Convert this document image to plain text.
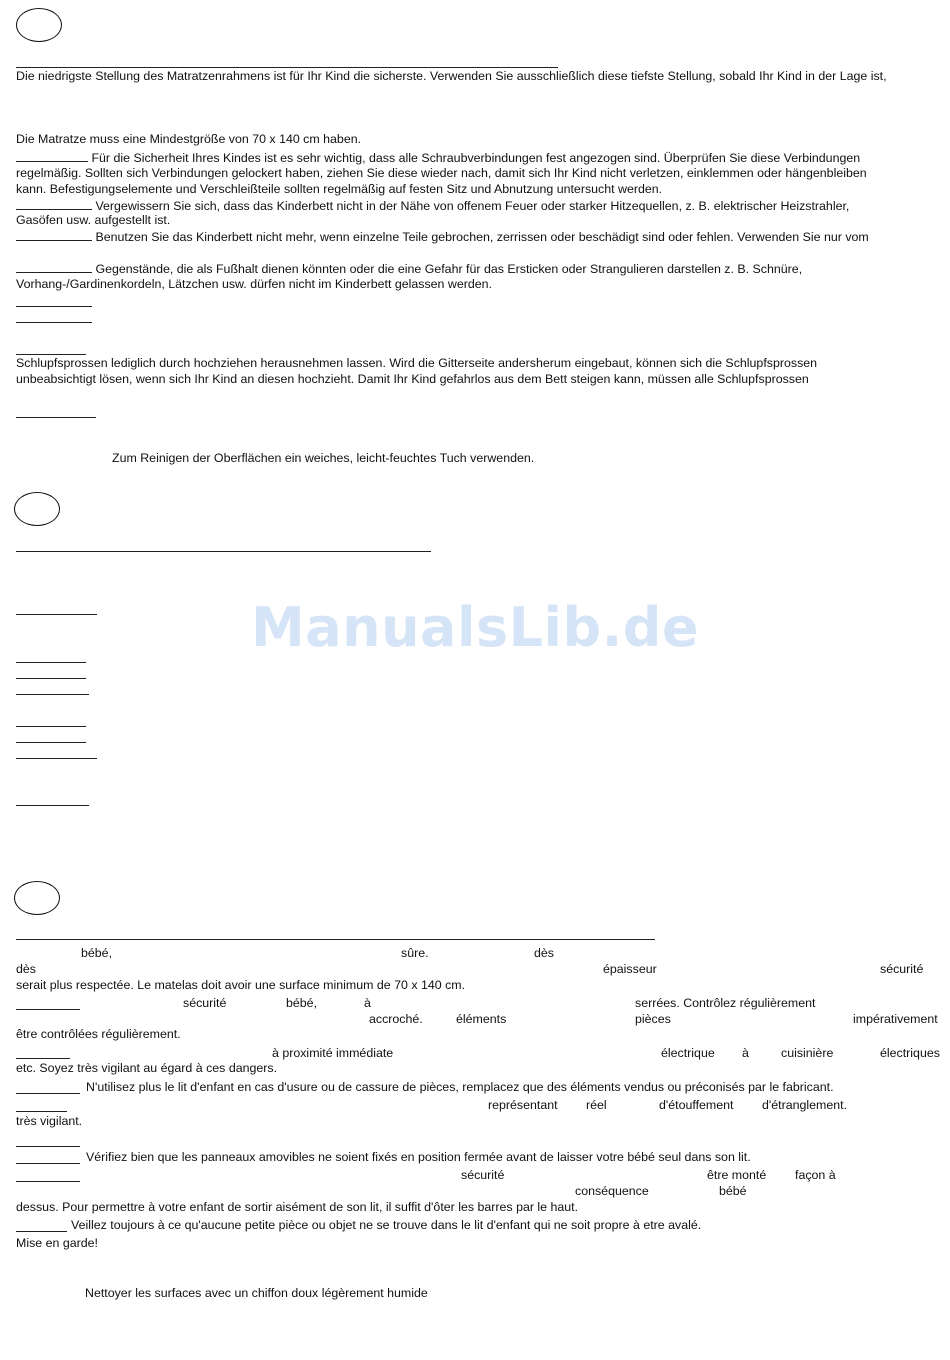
ManualsLib.de
Die niedrigste Stellung des Matratzenrahmens ist für Ihr Kind die sicherste. Verwenden Sie ausschließlich diese tiefste Stellung, sobald Ihr Kind in der Lage ist,
Die Matratze muss eine Mindestgröße von 70 x 140 cm haben.
Für die Sicherheit Ihres Kindes ist es sehr wichtig, dass alle Schraubverbindungen fest angezogen sind. Überprüfen Sie diese Verbindungen
regelmäßig. Sollten sich Verbindungen gelockert haben, ziehen Sie diese wieder nach, damit sich Ihr Kind nicht verletzen, einklemmen oder hängenbleiben
kann. Befestigungselemente und Verschleißteile sollten regelmäßig auf festen Sitz und Abnutzung untersucht werden.
Vergewissern Sie sich, dass das Kinderbett nicht in der Nähe von offenem Feuer oder starker Hitzequellen, z. B. elektrischer Heizstrahler,
Gasöfen usw. aufgestellt ist.
Benutzen Sie das Kinderbett nicht mehr, wenn einzelne Teile gebrochen, zerrissen oder beschädigt sind oder fehlen. Verwenden Sie nur vom
Gegenstände, die als Fußhalt dienen könnten oder die eine Gefahr für das Ersticken oder Strangulieren darstellen z. B. Schnüre,
Vorhang-/Gardinenkordeln, Lätzchen usw. dürfen nicht im Kinderbett gelassen werden.
Schlupfsprossen lediglich durch hochziehen herausnehmen lassen. Wird die Gitterseite andersherum eingebaut, können sich die Schlupfsprossen
unbeabsichtigt lösen, wenn sich Ihr Kind an diesen hochzieht. Damit Ihr Kind gefahrlos aus dem Bett steigen kann, müssen alle Schlupfsprossen
Zum Reinigen der Oberflächen ein weiches, leicht-feuchtes Tuch verwenden.
bébé,	sûre.	dès
dès	épaisseur	sécurité
serait plus respectée. Le matelas doit avoir une surface minimum de 70 x 140 cm.
sécurité	bébé,	à	serrées. Contrôlez régulièrement
accroché.	éléments	pièces	impérativement
être contrôlées régulièrement.
à proximité immédiate	électrique à	cuisinière	électriques
etc. Soyez très vigilant au égard à ces dangers.
N'utilisez plus le lit d'enfant en cas d'usure ou de cassure de pièces, remplacez que des éléments vendus ou préconisés par le fabricant.
représentant réel	d'étouffement d'étranglement.
très vigilant.
Vérifiez bien que les panneaux amovibles ne soient fixés en position fermée avant de laisser votre bébé seul dans son lit.
sécurité	être monté façon à
conséquence	bébé
dessus. Pour permettre à votre enfant de sortir aisément de son lit, il suffit d'ôter les barres par le haut.
Veillez toujours à ce qu'aucune petite pièce ou objet ne se trouve dans le lit d'enfant qui ne soit propre à etre avalé.
Mise en garde!
Nettoyer les surfaces avec un chiffon doux légèrement humide
